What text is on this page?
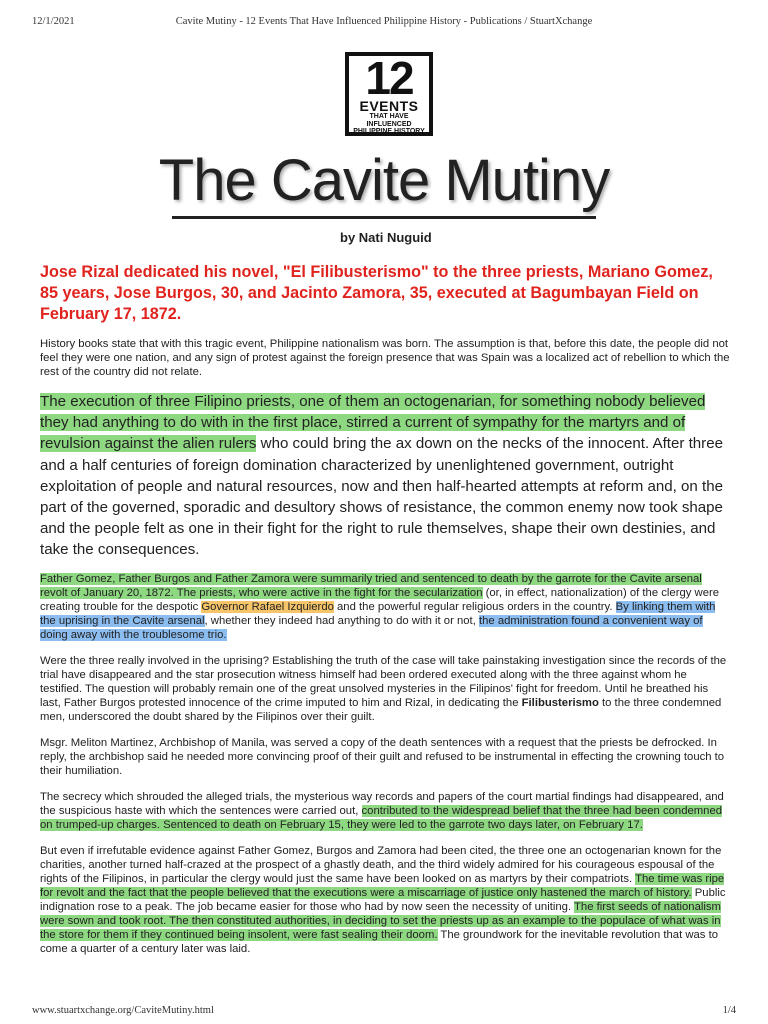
12/1/2021	Cavite Mutiny - 12 Events That Have Influenced Philippine History - Publications / StuartXchange
12
EVENTS
THAT HAVE INFLUENCED
PHILIPPINE HISTORY
The Cavite Mutiny
by Nati Nuguid

Jose Rizal dedicated his novel, "El Filibusterismo" to the three priests, Mariano Gomez, 85 years, Jose Burgos, 30, and Jacinto Zamora, 35, executed at Bagumbayan Field on February 17, 1872.

History books state that with this tragic event, Philippine nationalism was born. The assumption is that, before this date, the people did not feel they were one nation, and any sign of protest against the foreign presence that was Spain was a localized act of rebellion to which the rest of the country did not relate.

The execution of three Filipino priests, one of them an octogenarian, for something nobody believed they had anything to do with in the first place, stirred a current of sympathy for the martyrs and of revulsion against the alien rulers who could bring the ax down on the necks of the innocent. After three and a half centuries of foreign domination characterized by unenlightened government, outright exploitation of people and natural resources, now and then half-hearted attempts at reform and, on the part of the governed, sporadic and desultory shows of resistance, the common enemy now took shape and the people felt as one in their fight for the right to rule themselves, shape their own destinies, and take the consequences.

Father Gomez, Father Burgos and Father Zamora were summarily tried and sentenced to death by the garrote for the Cavite arsenal revolt of January 20, 1872. The priests, who were active in the fight for the secularization (or, in effect, nationalization) of the clergy were creating trouble for the despotic Governor Rafael Izquierdo and the powerful regular religious orders in the country. By linking them with the uprising in the Cavite arsenal, whether they indeed had anything to do with it or not, the administration found a convenient way of doing away with the troublesome trio.

Were the three really involved in the uprising? Establishing the truth of the case will take painstaking investigation since the records of the trial have disappeared and the star prosecution witness himself had been ordered executed along with the three against whom he testified. The question will probably remain one of the great unsolved mysteries in the Filipinos' fight for freedom. Until he breathed his last, Father Burgos protested innocence of the crime imputed to him and Rizal, in dedicating the Filibusterismo to the three condemned men, underscored the doubt shared by the Filipinos over their guilt.

Msgr. Meliton Martinez, Archbishop of Manila, was served a copy of the death sentences with a request that the priests be defrocked. In reply, the archbishop said he needed more convincing proof of their guilt and refused to be instrumental in effecting the crowning touch to their humiliation.

The secrecy which shrouded the alleged trials, the mysterious way records and papers of the court martial findings had disappeared, and the suspicious haste with which the sentences were carried out, contributed to the widespread belief that the three had been condemned on trumped-up charges. Sentenced to death on February 15, they were led to the garrote two days later, on February 17.

But even if irrefutable evidence against Father Gomez, Burgos and Zamora had been cited, the three one an octogenarian known for the charities, another turned half-crazed at the prospect of a ghastly death, and the third widely admired for his courageous espousal of the rights of the Filipinos, in particular the clergy would just the same have been looked on as martyrs by their compatriots. The time was ripe for revolt and the fact that the people believed that the executions were a miscarriage of justice only hastened the march of history. Public indignation rose to a peak. The job became easier for those who had by now seen the necessity of uniting. The first seeds of nationalism were sown and took root. The then constituted authorities, in deciding to set the priests up as an example to the populace of what was in the store for them if they continued being insolent, were fast sealing their doom. The groundwork for the inevitable revolution that was to come a quarter of a century later was laid.

www.stuartxchange.org/CaviteMutiny.html	1/4
